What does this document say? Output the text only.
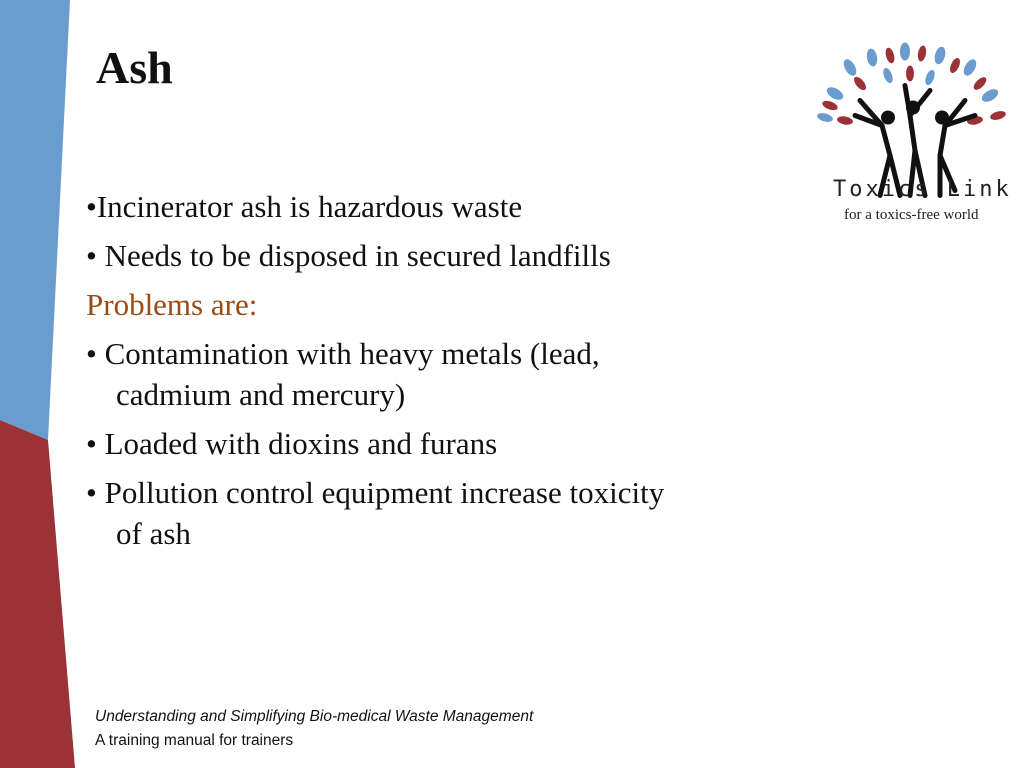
Ash
•Incinerator ash is hazardous waste
• Needs to be disposed in secured landfills
Problems are:
• Contamination with heavy metals (lead,
cadmium and mercury)
• Loaded with dioxins and furans
• Pollution control equipment increase toxicity
of ash
Toxics Link
for a toxics-free world
Understanding and Simplifying Bio-medical Waste Management
A training manual for trainers
